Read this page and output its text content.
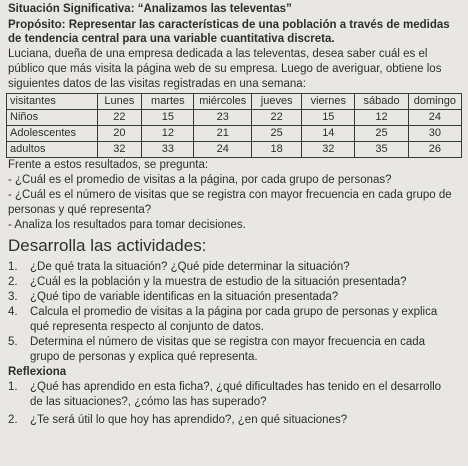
Situación Significativa: “Analizamos las televentas”

Propósito: Representar las características de una población a través de medidas de tendencia central para una variable cuantitativa discreta.

Luciana, dueña de una empresa dedicada a las televentas, desea saber cuál es el

público que más visita la página web de su empresa. Luego de averiguar, obtiene los

siguientes datos de las visitas registradas en una semana:

visitantes	Lunes	martes	miércoles	jueves	viernes	sábado	domingo
Niños	22	15	23	22	15	12	24
Adolescentes	20	12	21	25	14	25	30
adultos	32	33	24	18	32	35	26

Frente a estos resultados, se pregunta:

- ¿Cuál es el promedio de visitas a la página, por cada grupo de personas?

- ¿Cuál es el número de visitas que se registra con mayor frecuencia en cada grupo de

personas y qué representa?

- Analiza los resultados para tomar decisiones.

Desarrolla las actividades:

1.	¿De qué trata la situación? ¿Qué pide determinar la situación?
2.	¿Cuál es la población y la muestra de estudio de la situación presentada?
3.	¿Qué tipo de variable identificas en la situación presentada?
4.	Calcula el promedio de visitas a la página por cada grupo de personas y explica
qué representa respecto al conjunto de datos.
5.	Determina el número de visitas que se registra con mayor frecuencia en cada
grupo de personas y explica qué representa.

Reflexiona

1.	¿Qué has aprendido en esta ficha?, ¿qué dificultades has tenido en el desarrollo
de las situaciones?, ¿cómo las has superado?
2.	¿Te será útil lo que hoy has aprendido?, ¿en qué situaciones?
